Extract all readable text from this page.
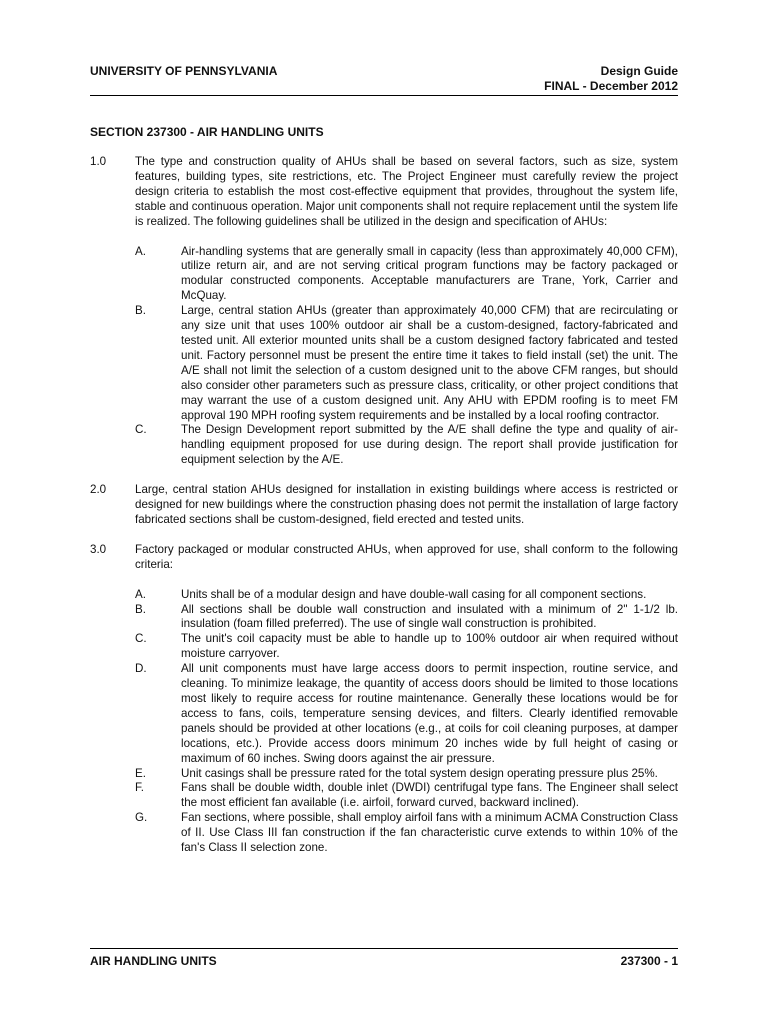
UNIVERSITY OF PENNSYLVANIA	Design Guide
FINAL - December 2012
SECTION 237300 - AIR HANDLING UNITS
1.0	The type and construction quality of AHUs shall be based on several factors, such as size, system features, building types, site restrictions, etc. The Project Engineer must carefully review the project design criteria to establish the most cost-effective equipment that provides, throughout the system life, stable and continuous operation. Major unit components shall not require replacement until the system life is realized. The following guidelines shall be utilized in the design and specification of AHUs:
A.	Air-handling systems that are generally small in capacity (less than approximately 40,000 CFM), utilize return air, and are not serving critical program functions may be factory packaged or modular constructed components. Acceptable manufacturers are Trane, York, Carrier and McQuay.
B.	Large, central station AHUs (greater than approximately 40,000 CFM) that are recirculating or any size unit that uses 100% outdoor air shall be a custom-designed, factory-fabricated and tested unit. All exterior mounted units shall be a custom designed factory fabricated and tested unit. Factory personnel must be present the entire time it takes to field install (set) the unit. The A/E shall not limit the selection of a custom designed unit to the above CFM ranges, but should also consider other parameters such as pressure class, criticality, or other project conditions that may warrant the use of a custom designed unit. Any AHU with EPDM roofing is to meet FM approval 190 MPH roofing system requirements and be installed by a local roofing contractor.
C.	The Design Development report submitted by the A/E shall define the type and quality of air-handling equipment proposed for use during design. The report shall provide justification for equipment selection by the A/E.
2.0	Large, central station AHUs designed for installation in existing buildings where access is restricted or designed for new buildings where the construction phasing does not permit the installation of large factory fabricated sections shall be custom-designed, field erected and tested units.
3.0	Factory packaged or modular constructed AHUs, when approved for use, shall conform to the following criteria:
A.	Units shall be of a modular design and have double-wall casing for all component sections.
B.	All sections shall be double wall construction and insulated with a minimum of 2" 1-1/2 lb. insulation (foam filled preferred). The use of single wall construction is prohibited.
C.	The unit's coil capacity must be able to handle up to 100% outdoor air when required without moisture carryover.
D.	All unit components must have large access doors to permit inspection, routine service, and cleaning. To minimize leakage, the quantity of access doors should be limited to those locations most likely to require access for routine maintenance. Generally these locations would be for access to fans, coils, temperature sensing devices, and filters. Clearly identified removable panels should be provided at other locations (e.g., at coils for coil cleaning purposes, at damper locations, etc.). Provide access doors minimum 20 inches wide by full height of casing or maximum of 60 inches. Swing doors against the air pressure.
E.	Unit casings shall be pressure rated for the total system design operating pressure plus 25%.
F.	Fans shall be double width, double inlet (DWDI) centrifugal type fans. The Engineer shall select the most efficient fan available (i.e. airfoil, forward curved, backward inclined).
G.	Fan sections, where possible, shall employ airfoil fans with a minimum ACMA Construction Class of II. Use Class III fan construction if the fan characteristic curve extends to within 10% of the fan's Class II selection zone.
AIR HANDLING UNITS	237300 - 1
